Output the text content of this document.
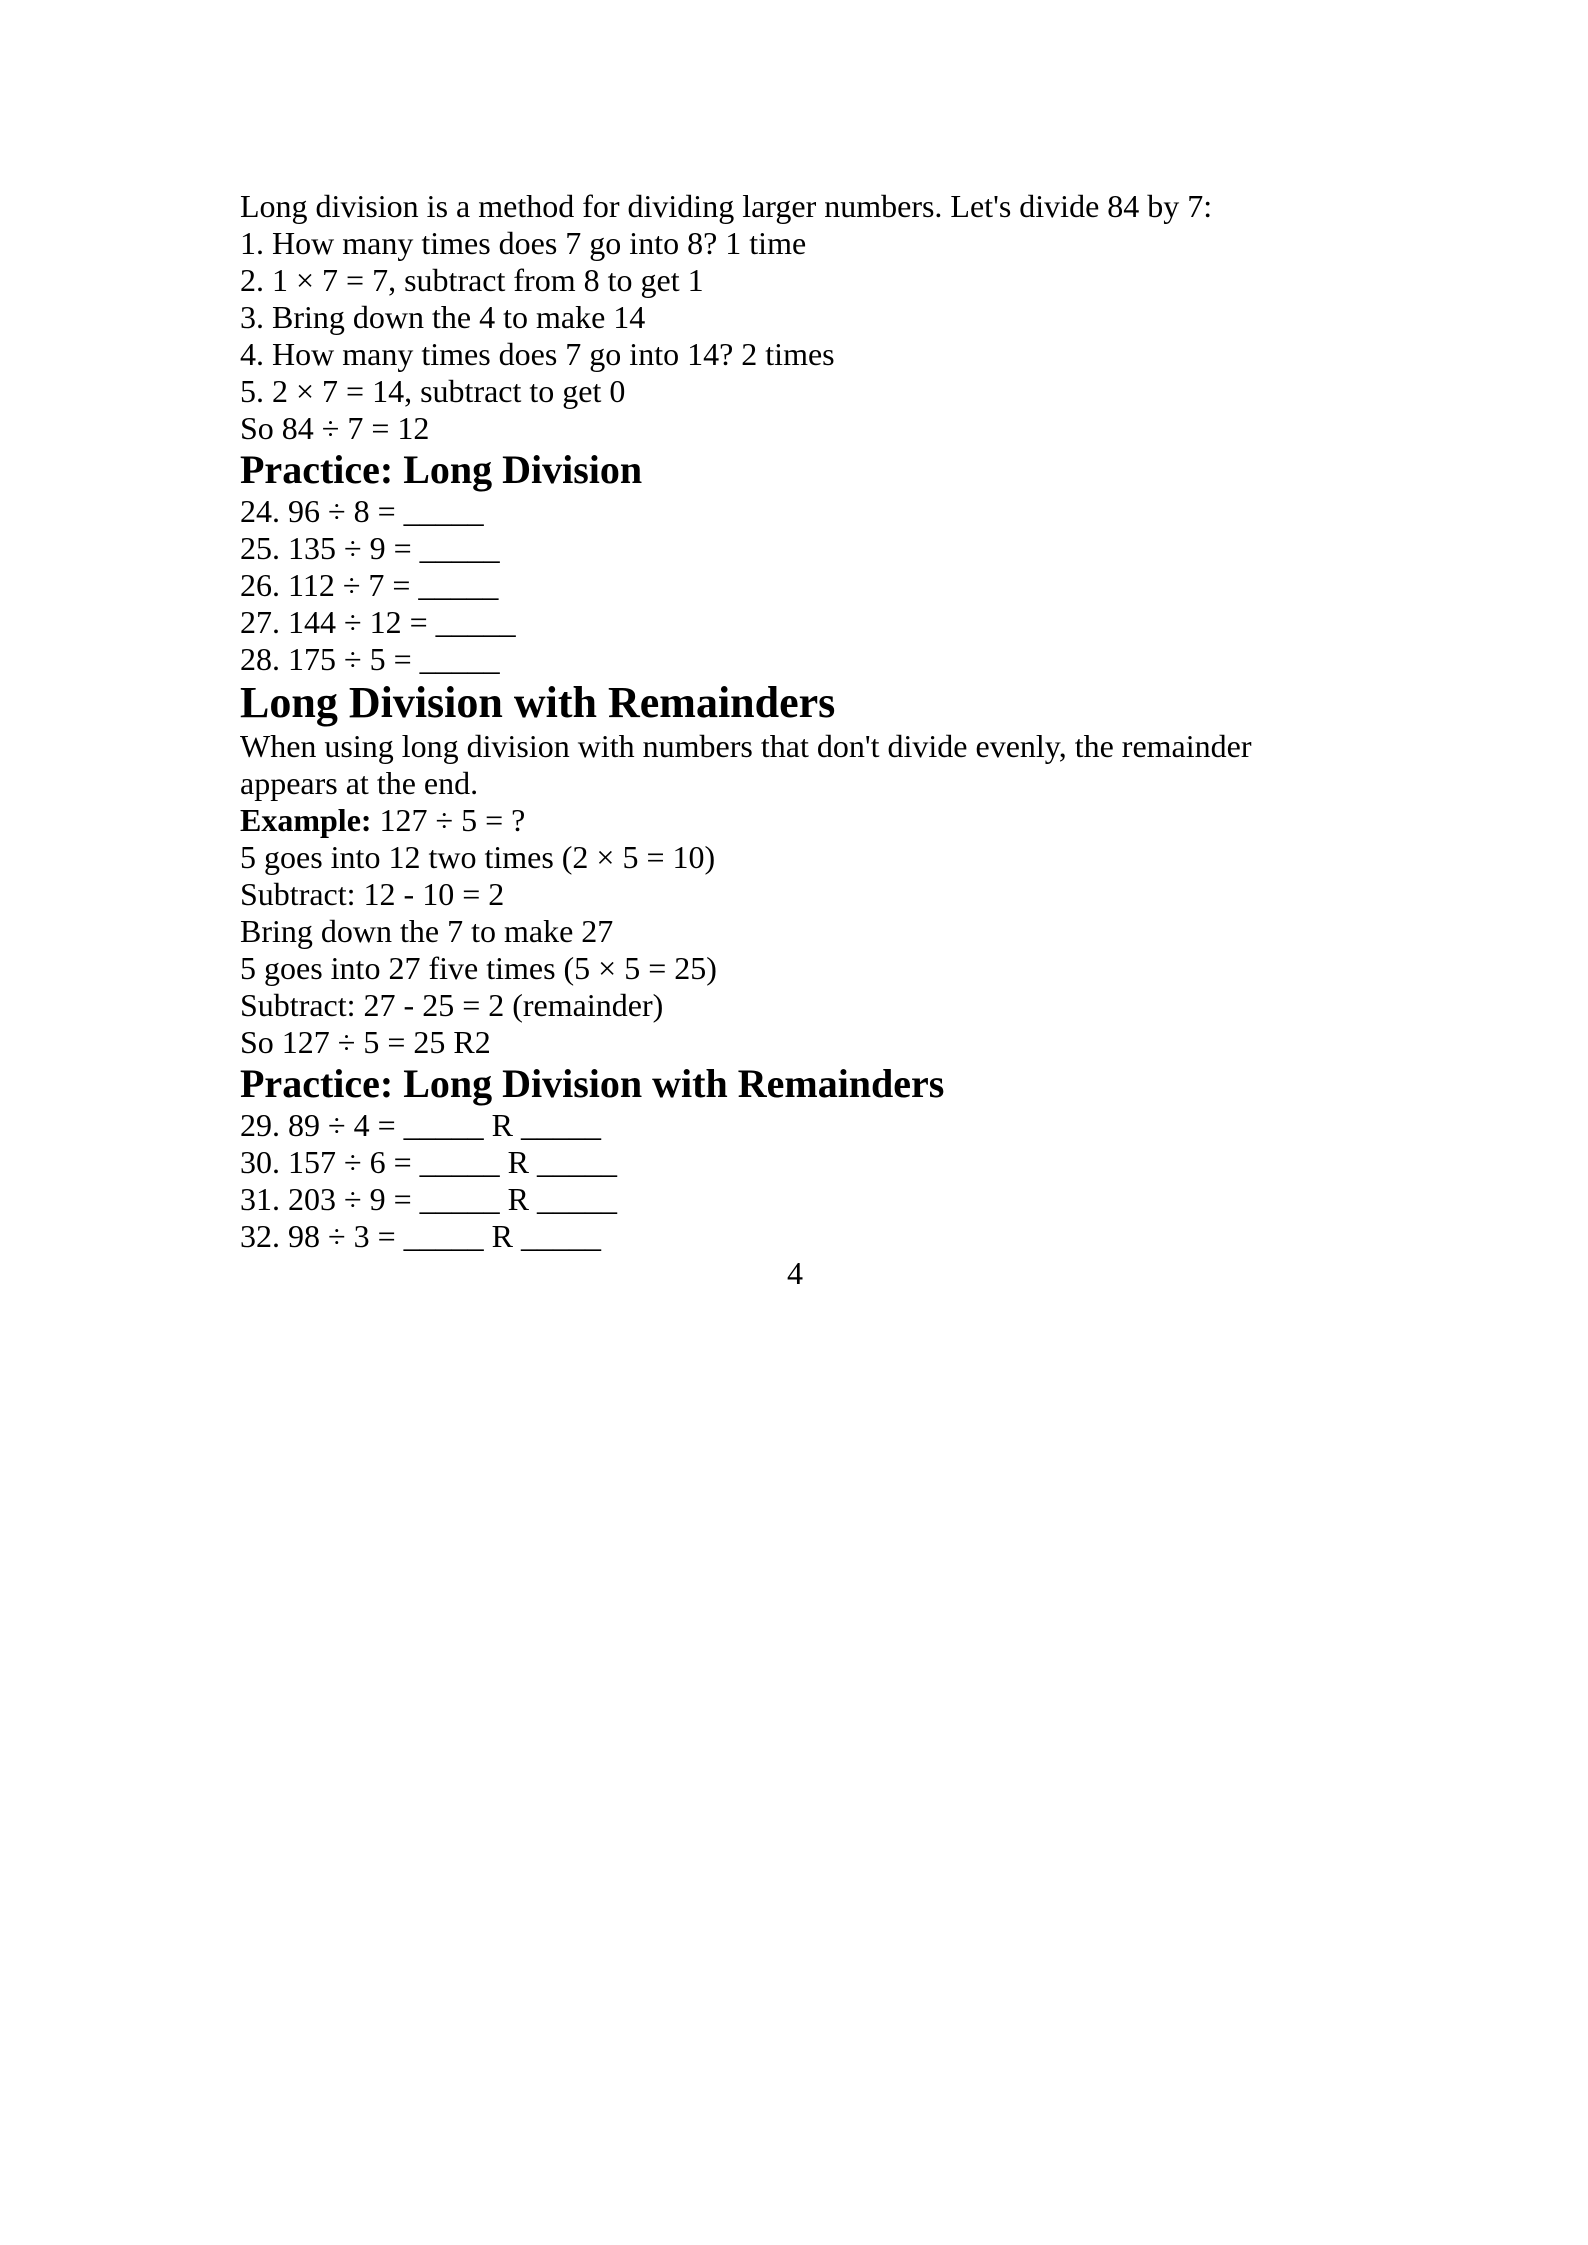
Long division is a method for dividing larger numbers. Let's divide 84 by 7:

1. How many times does 7 go into 8? 1 time
2. 1 × 7 = 7, subtract from 8 to get 1
3. Bring down the 4 to make 14
4. How many times does 7 go into 14? 2 times
5. 2 × 7 = 14, subtract to get 0

So 84 ÷ 7 = 12

Practice: Long Division

24. 96 ÷ 8 = _____

25. 135 ÷ 9 = _____

26. 112 ÷ 7 = _____

27. 144 ÷ 12 = _____

28. 175 ÷ 5 = _____

Long Division with Remainders

When using long division with numbers that don't divide evenly, the remainder appears at the end.

Example: 127 ÷ 5 = ?

5 goes into 12 two times (2 × 5 = 10)
Subtract: 12 - 10 = 2
Bring down the 7 to make 27
5 goes into 27 five times (5 × 5 = 25)
Subtract: 27 - 25 = 2 (remainder)

So 127 ÷ 5 = 25 R2

Practice: Long Division with Remainders

29. 89 ÷ 4 = _____ R _____

30. 157 ÷ 6 = _____ R _____

31. 203 ÷ 9 = _____ R _____

32. 98 ÷ 3 = _____ R _____

4
